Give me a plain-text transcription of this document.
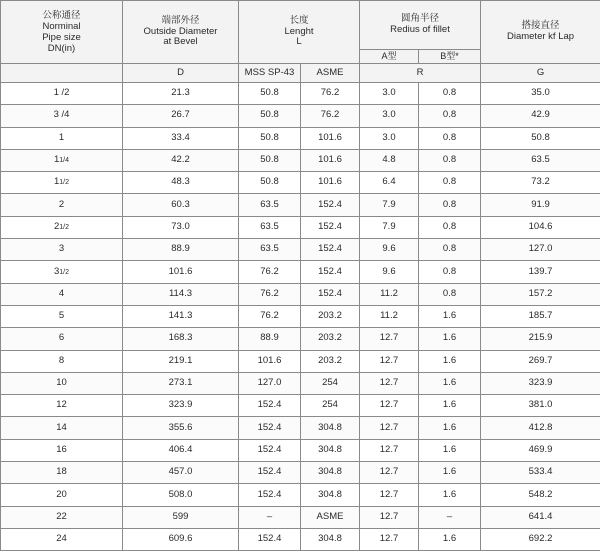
公称通径
Norminal
Pipe size
DN(in)	端部外径
Outside Diameter
at Bevel	长度
Lenght
L		圆角半径
Redius of fillet		搭接直径
Diameter kf Lap

				A型	B型*	
	D	MSS SP-43	ASME	R		G
1 /2	21.3	50.8	76.2	3.0	0.8	35.0
3 /4	26.7	50.8	76.2	3.0	0.8	42.9
1	33.4	50.8	101.6	3.0	0.8	50.8
11/4	42.2	50.8	101.6	4.8	0.8	63.5
11/2	48.3	50.8	101.6	6.4	0.8	73.2
2	60.3	63.5	152.4	7.9	0.8	91.9
21/2	73.0	63.5	152.4	7.9	0.8	104.6
3	88.9	63.5	152.4	9.6	0.8	127.0
31/2	101.6	76.2	152.4	9.6	0.8	139.7
4	114.3	76.2	152.4	11.2	0.8	157.2
5	141.3	76.2	203.2	11.2	1.6	185.7
6	168.3	88.9	203.2	12.7	1.6	215.9
8	219.1	101.6	203.2	12.7	1.6	269.7
10	273.1	127.0	254	12.7	1.6	323.9
12	323.9	152.4	254	12.7	1.6	381.0
14	355.6	152.4	304.8	12.7	1.6	412.8
16	406.4	152.4	304.8	12.7	1.6	469.9
18	457.0	152.4	304.8	12.7	1.6	533.4
20	508.0	152.4	304.8	12.7	1.6	548.2
22	599	–	ASME	12.7	–	641.4
24	609.6	152.4	304.8	12.7	1.6	692.2
